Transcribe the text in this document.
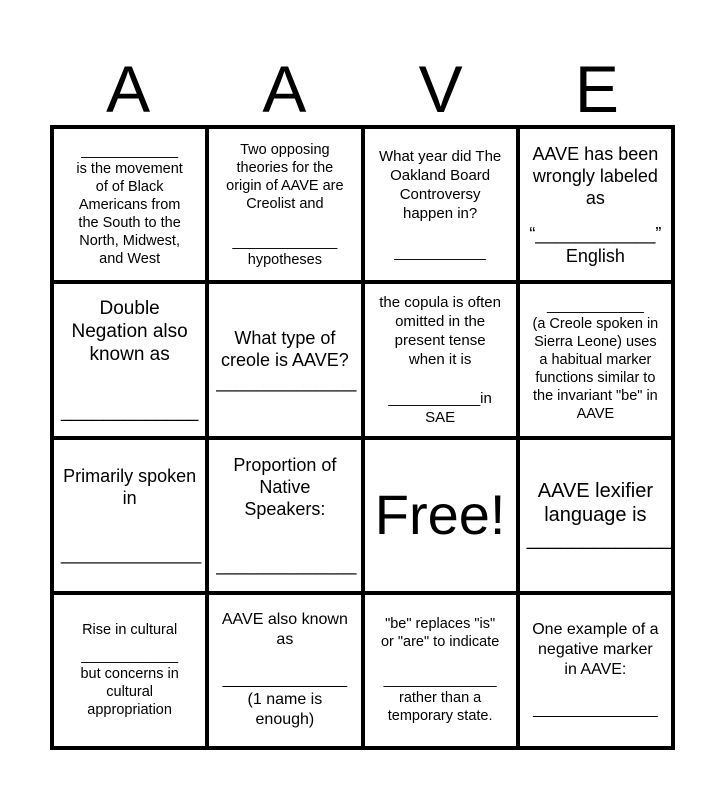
A	A	V	E
____________
is the movement
of of Black
Americans from
the South to the
North, Midwest,
and West
Two opposing
theories for the
origin of AAVE are
Creolist and
_____________
hypotheses
What year did The
Oakland Board
Controversy
happen in?
___________
AAVE has been
wrongly labeled
as
“____________”
English
Double
Negation also
known as
_____________
What type of
creole is AAVE?
______________
the copula is often
omitted in the
present tense
when it is
___________in
SAE
____________
(a Creole spoken in
Sierra Leone) uses
a habitual marker
functions similar to
the invariant "be" in
AAVE
Primarily spoken
in
______________
Proportion of
Native
Speakers:
______________
Free!	AAVE lexifier
language is
_____________
Rise in cultural
____________
but concerns in
cultural
appropriation
AAVE also known
as
______________
(1 name is
enough)
"be" replaces "is"
or "are" to indicate
______________
rather than a
temporary state.
One example of a
negative marker
in AAVE:
______________
